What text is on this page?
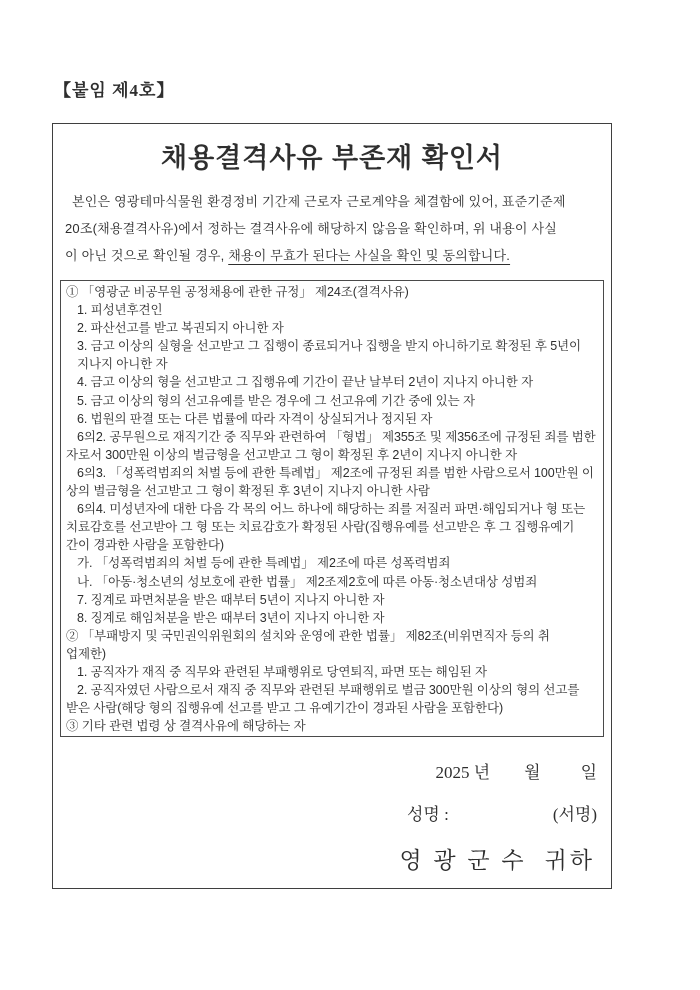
【붙임 제4호】
채용결격사유 부존재 확인서
본인은 영광테마식물원 환경정비 기간제 근로자 근로계약을 체결함에 있어, 표준기준제
20조(채용결격사유)에서 정하는 결격사유에 해당하지 않음을 확인하며, 위 내용이 사실
이 아닌 것으로 확인될 경우, 채용이 무효가 된다는 사실을 확인 및 동의합니다.
① 「영광군 비공무원 공정채용에 관한 규정」 제24조(결격사유)
1. 피성년후견인
2. 파산선고를 받고 복권되지 아니한 자
3. 금고 이상의 실형을 선고받고 그 집행이 종료되거나 집행을 받지 아니하기로 확정된 후 5년이
지나지 아니한 자
4. 금고 이상의 형을 선고받고 그 집행유예 기간이 끝난 날부터 2년이 지나지 아니한 자
5. 금고 이상의 형의 선고유예를 받은 경우에 그 선고유예 기간 중에 있는 자
6. 법원의 판결 또는 다른 법률에 따라 자격이 상실되거나 정지된 자
6의2. 공무원으로 재직기간 중 직무와 관련하여 「형법」 제355조 및 제356조에 규정된 죄를 범한
자로서 300만원 이상의 벌금형을 선고받고 그 형이 확정된 후 2년이 지나지 아니한 자
6의3. 「성폭력범죄의 처벌 등에 관한 특례법」 제2조에 규정된 죄를 범한 사람으로서 100만원 이
상의 벌금형을 선고받고 그 형이 확정된 후 3년이 지나지 아니한 사람
6의4. 미성년자에 대한 다음 각 목의 어느 하나에 해당하는 죄를 저질러 파면·해임되거나 형 또는
치료감호를 선고받아 그 형 또는 치료감호가 확정된 사람(집행유예를 선고받은 후 그 집행유예기
간이 경과한 사람을 포함한다)
가. 「성폭력범죄의 처벌 등에 관한 특례법」 제2조에 따른 성폭력범죄
나. 「아동·청소년의 성보호에 관한 법률」 제2조제2호에 따른 아동·청소년대상 성범죄
7. 징계로 파면처분을 받은 때부터 5년이 지나지 아니한 자
8. 징계로 해임처분을 받은 때부터 3년이 지나지 아니한 자
② 「부패방지 및 국민권익위원회의 설치와 운영에 관한 법률」 제82조(비위면직자 등의 취
업제한)
1. 공직자가 재직 중 직무와 관련된 부패행위로 당연퇴직, 파면 또는 해임된 자
2. 공직자였던 사람으로서 재직 중 직무와 관련된 부패행위로 벌금 300만원 이상의 형의 선고를
받은 사람(해당 형의 집행유예 선고를 받고 그 유예기간이 경과된 사람을 포함한다)
③ 기타 관련 법령 상 결격사유에 해당하는 자
2025 년 월 일
성명 :	(서명)
영 광 군 수 귀하
